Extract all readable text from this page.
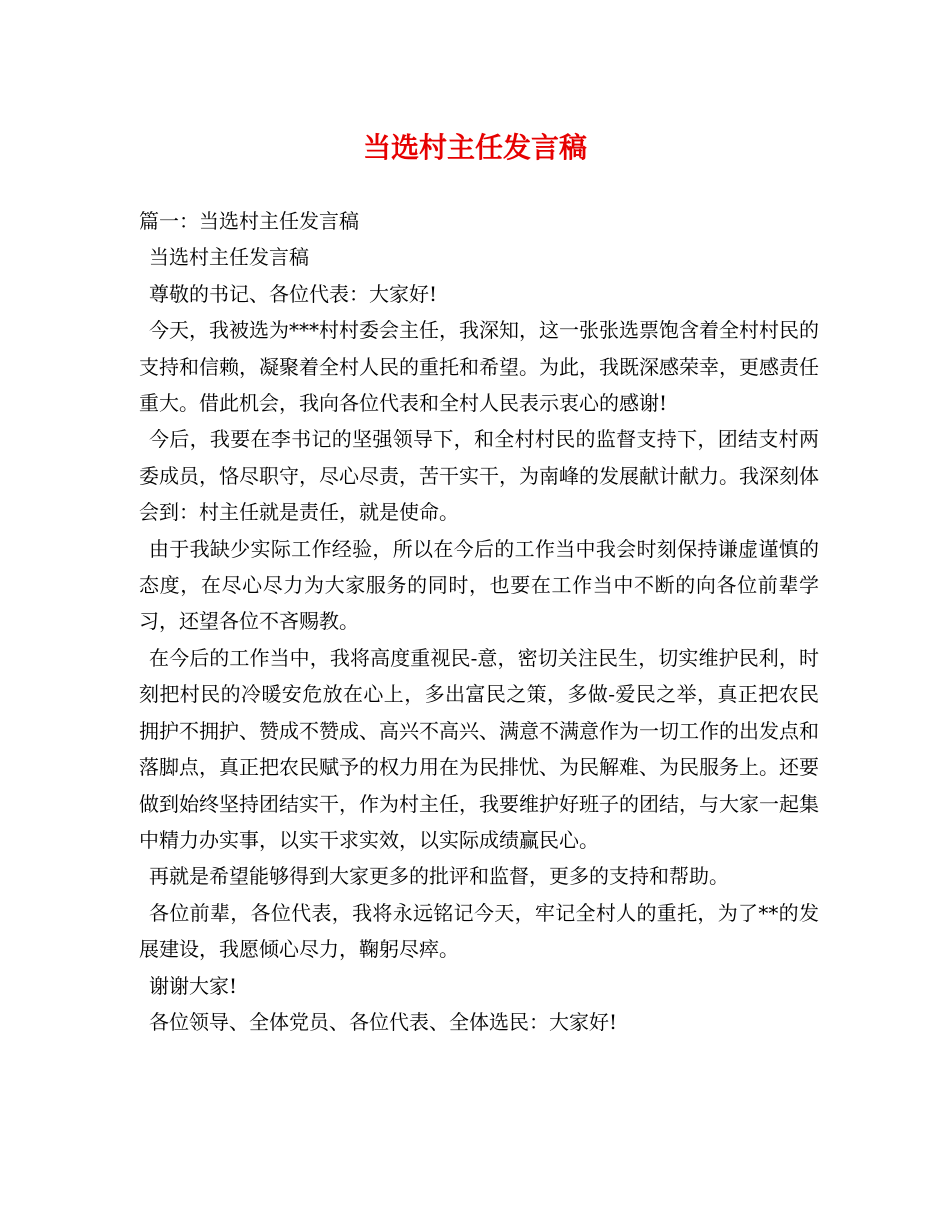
当选村主任发言稿

篇一：当选村主任发言稿

当选村主任发言稿

尊敬的书记、各位代表：大家好!

今天，我被选为***村村委会主任，我深知，这一张张选票饱含着全村村民的支持和信赖，凝聚着全村人民的重托和希望。为此，我既深感荣幸，更感责任重大。借此机会，我向各位代表和全村人民表示衷心的感谢!

今后，我要在李书记的坚强领导下，和全村村民的监督支持下，团结支村两委成员，恪尽职守，尽心尽责，苦干实干，为南峰的发展献计献力。我深刻体会到：村主任就是责任，就是使命。

由于我缺少实际工作经验，所以在今后的工作当中我会时刻保持谦虚谨慎的态度，在尽心尽力为大家服务的同时，也要在工作当中不断的向各位前辈学习，还望各位不吝赐教。

在今后的工作当中，我将高度重视民-意，密切关注民生，切实维护民利，时刻把村民的冷暖安危放在心上，多出富民之策，多做-爱民之举，真正把农民拥护不拥护、赞成不赞成、高兴不高兴、满意不满意作为一切工作的出发点和落脚点，真正把农民赋予的权力用在为民排忧、为民解难、为民服务上。还要做到始终坚持团结实干，作为村主任，我要维护好班子的团结，与大家一起集中精力办实事，以实干求实效，以实际成绩赢民心。

再就是希望能够得到大家更多的批评和监督，更多的支持和帮助。

各位前辈，各位代表，我将永远铭记今天，牢记全村人的重托，为了**的发展建设，我愿倾心尽力，鞠躬尽瘁。

谢谢大家!

各位领导、全体党员、各位代表、全体选民：大家好!
